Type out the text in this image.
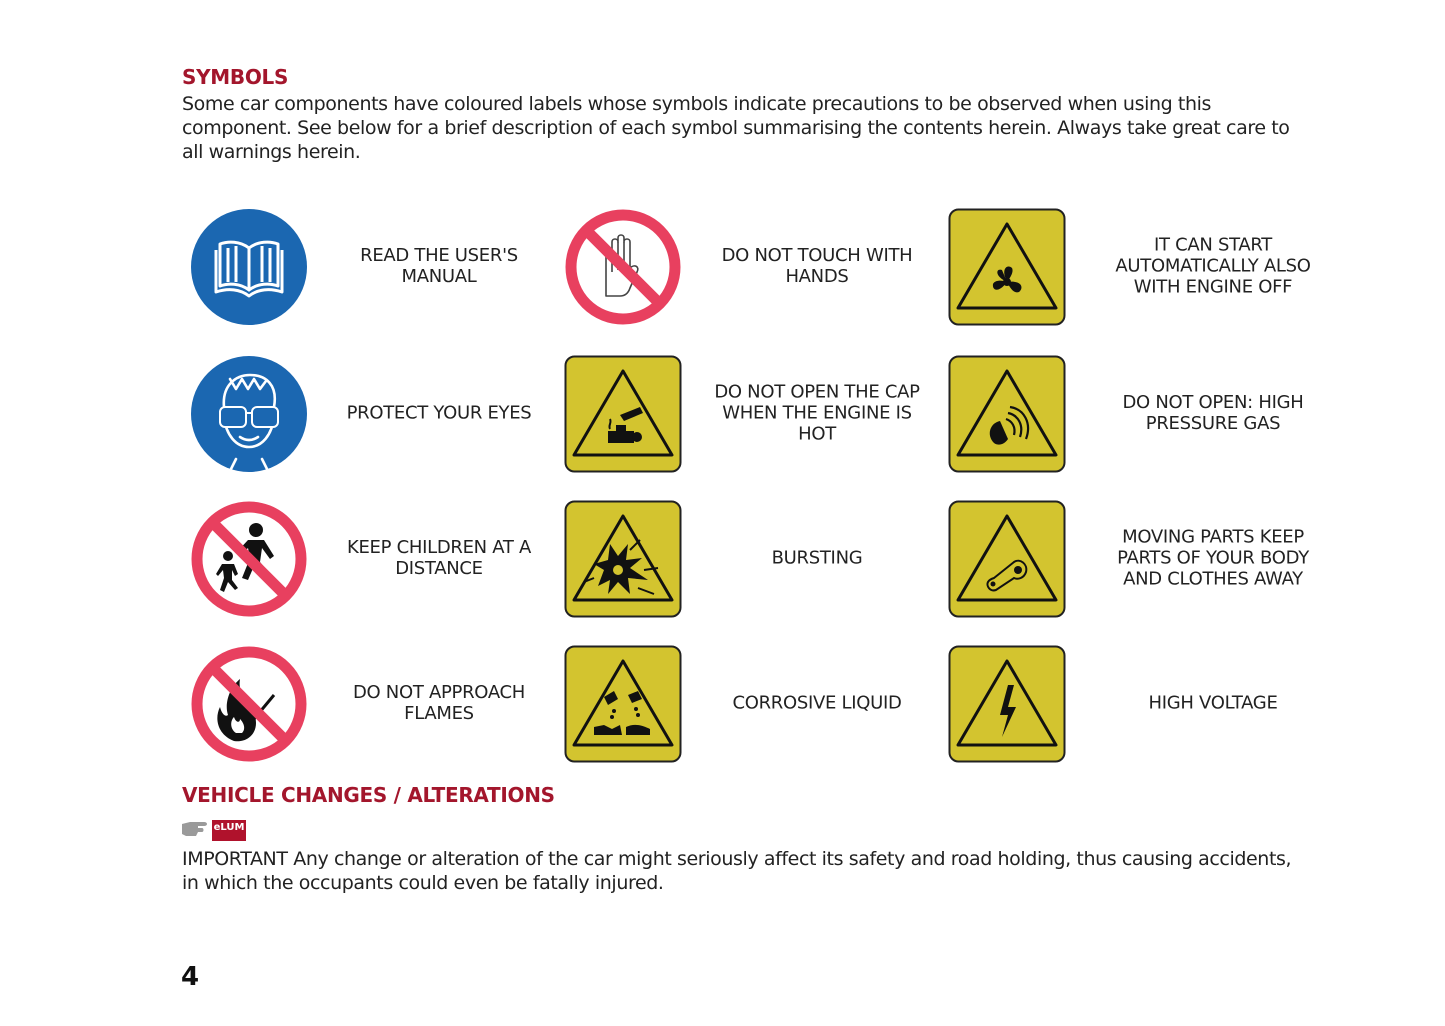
SYMBOLS

Some car components have coloured labels whose symbols indicate precautions to be observed when using this component. See below for a brief description of each symbol summarising the contents herein. Always take great care to all warnings herein.

READ THE USER'S MANUAL
DO NOT TOUCH WITH HANDS
IT CAN START AUTOMATICALLY ALSO WITH ENGINE OFF
PROTECT YOUR EYES
DO NOT OPEN THE CAP WHEN THE ENGINE IS HOT
DO NOT OPEN: HIGH PRESSURE GAS
KEEP CHILDREN AT A DISTANCE	BURSTING
MOVING PARTS KEEP PARTS OF YOUR BODY AND CLOTHES AWAY
DO NOT APPROACH FLAMES	CORROSIVE LIQUID	HIGH VOLTAGE
VEHICLE CHANGES / ALTERATIONS
eLUM

IMPORTANT Any change or alteration of the car might seriously affect its safety and road holding, thus causing accidents, in which the occupants could even be fatally injured.

4
